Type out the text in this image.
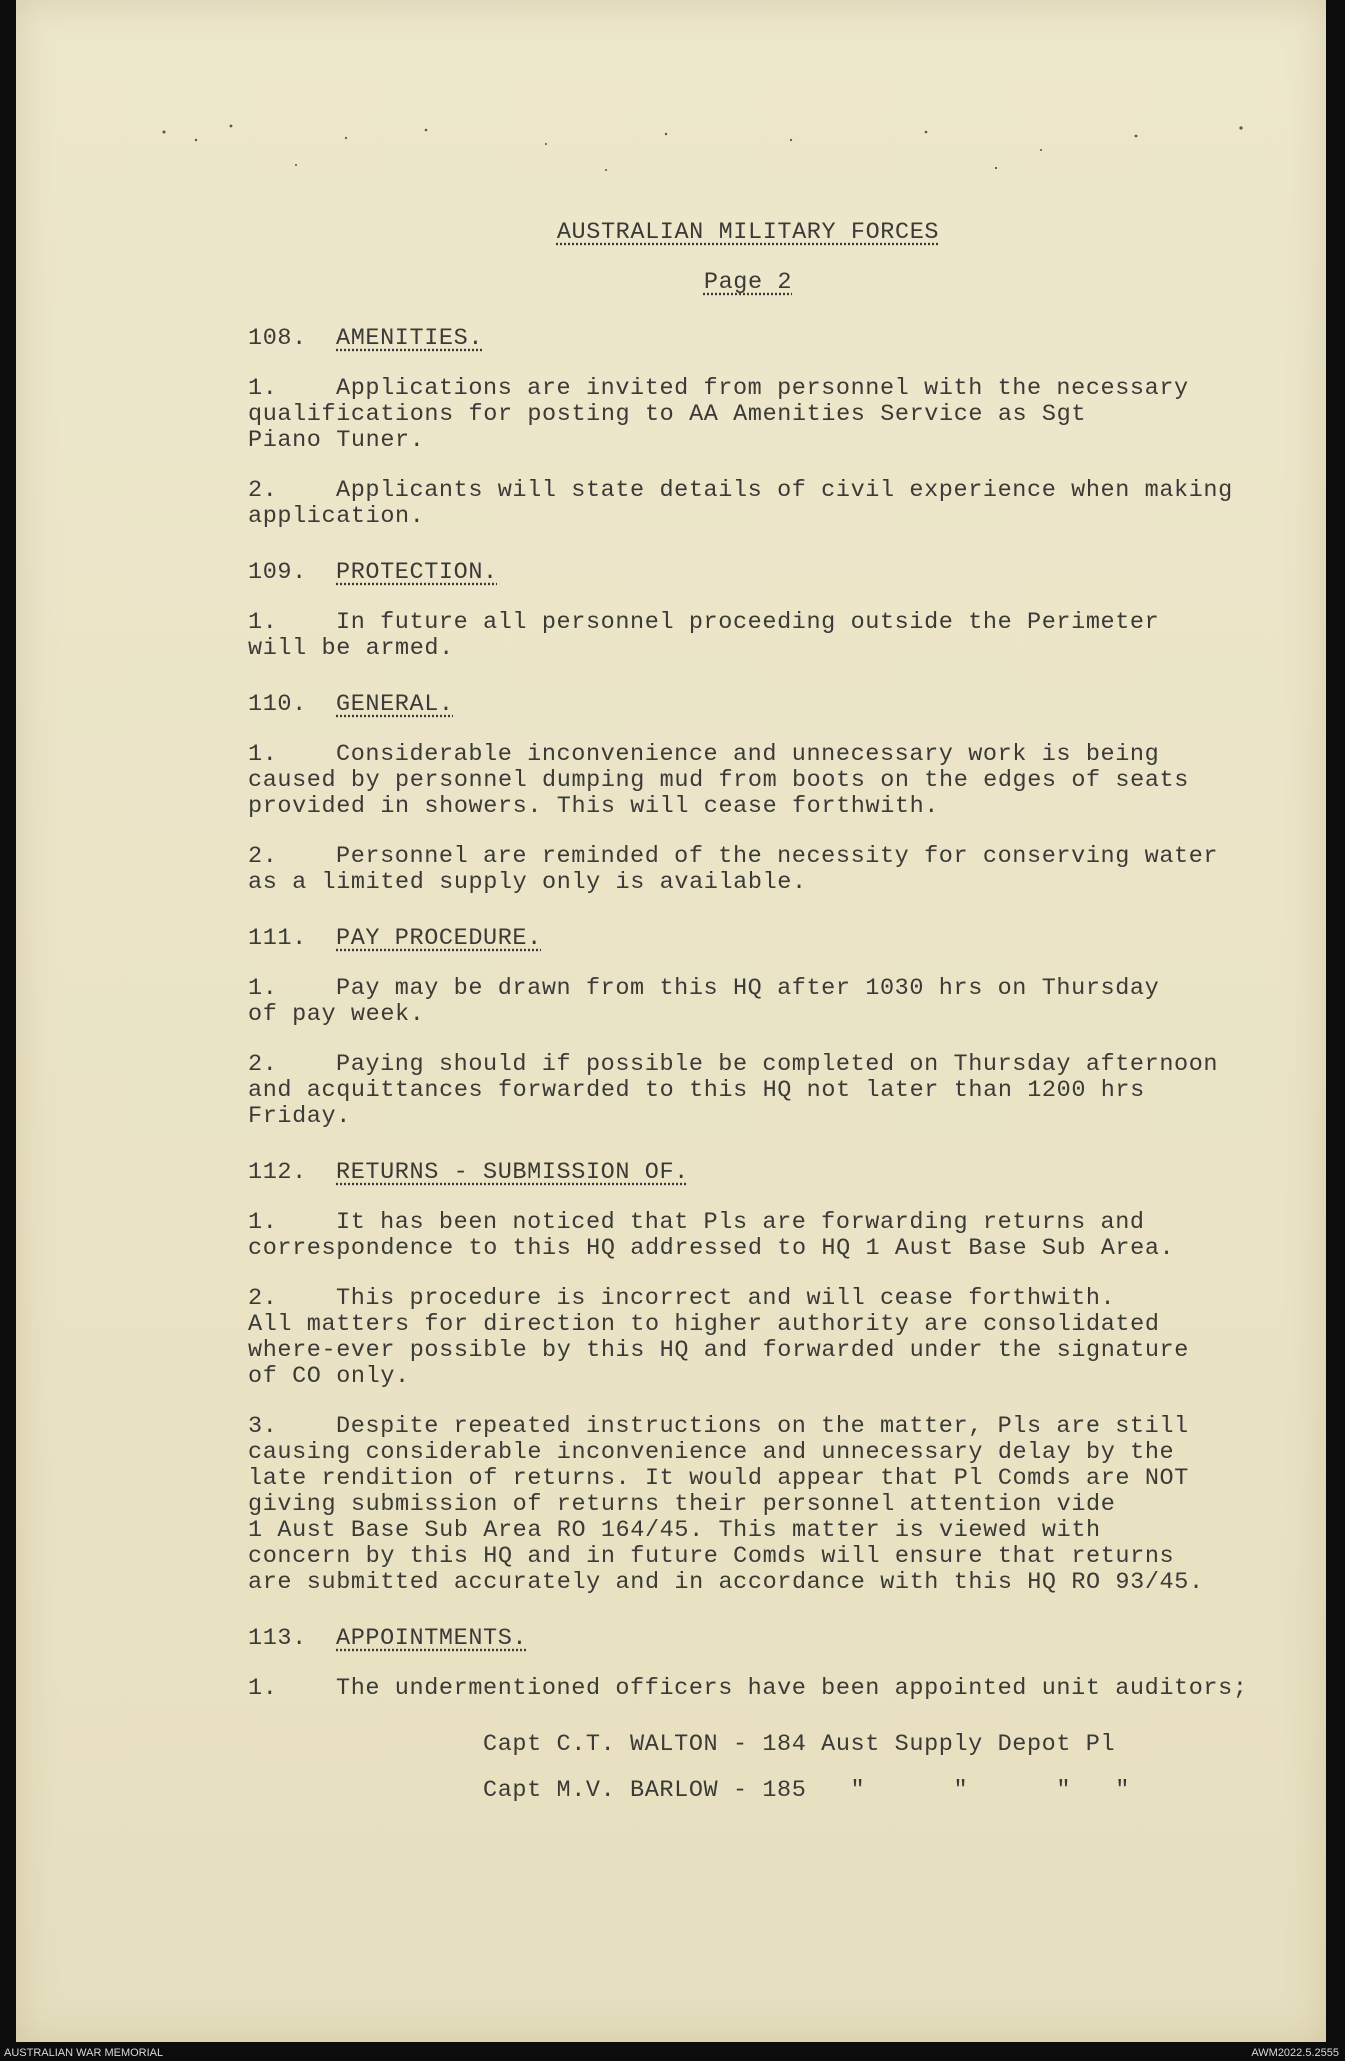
AUSTRALIAN MILITARY FORCES
Page 2
108. AMENITIES.
1. Applications are invited from personnel with the necessary
qualifications for posting to AA Amenities Service as Sgt
Piano Tuner.
2. Applicants will state details of civil experience when making
application.
109. PROTECTION.
1. In future all personnel proceeding outside the Perimeter
will be armed.
110. GENERAL.
1. Considerable inconvenience and unnecessary work is being
caused by personnel dumping mud from boots on the edges of seats
provided in showers. This will cease forthwith.
2. Personnel are reminded of the necessity for conserving water
as a limited supply only is available.
111. PAY PROCEDURE.
1. Pay may be drawn from this HQ after 1030 hrs on Thursday
of pay week.
2. Paying should if possible be completed on Thursday afternoon
and acquittances forwarded to this HQ not later than 1200 hrs
Friday.
112. RETURNS - SUBMISSION OF.
1. It has been noticed that Pls are forwarding returns and
correspondence to this HQ addressed to HQ 1 Aust Base Sub Area.
2. This procedure is incorrect and will cease forthwith.
All matters for direction to higher authority are consolidated
where-ever possible by this HQ and forwarded under the signature
of CO only.
3. Despite repeated instructions on the matter, Pls are still
causing considerable inconvenience and unnecessary delay by the
late rendition of returns. It would appear that Pl Comds are NOT
giving submission of returns their personnel attention vide
1 Aust Base Sub Area RO 164/45. This matter is viewed with
concern by this HQ and in future Comds will ensure that returns
are submitted accurately and in accordance with this HQ RO 93/45.
113. APPOINTMENTS.
1. The undermentioned officers have been appointed unit auditors;
Capt C.T. WALTON - 184 Aust Supply Depot Pl
Capt M.V. BARLOW - 185   "      "      "   "
AUSTRALIAN WAR MEMORIAL	AWM2022.5.2555
